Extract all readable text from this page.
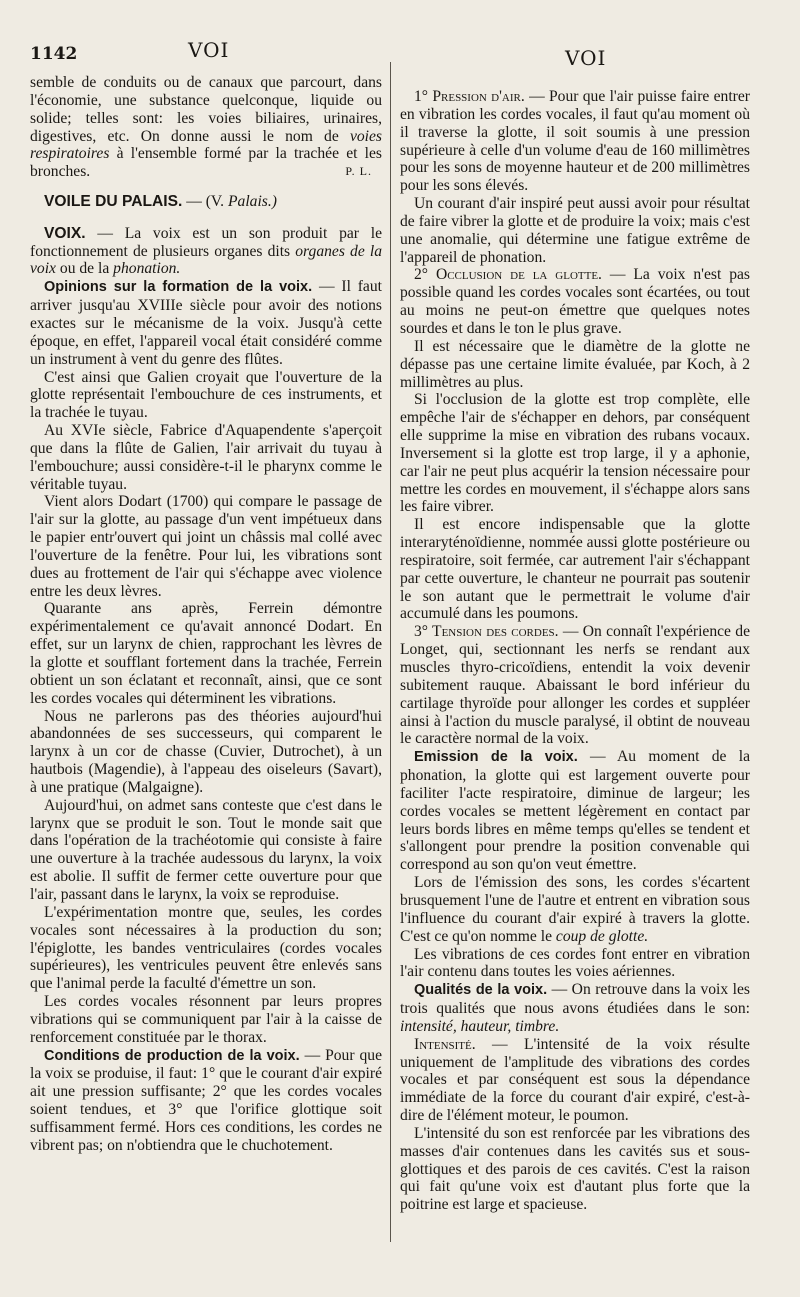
1142	VOI	VOI

semble de conduits ou de canaux que parcourt, dans l'économie, une substance quelconque, liquide ou solide; telles sont: les voies biliaires, urinaires, digestives, etc. On donne aussi le nom de voies respiratoires à l'ensemble formé par la trachée et les bronches.	P. L.

VOILE DU PALAIS. — (V. Palais.)

VOIX. — La voix est un son produit par le fonctionnement de plusieurs organes dits organes de la voix ou de la phonation.

Opinions sur la formation de la voix. — Il faut arriver jusqu'au XVIIIe siècle pour avoir des notions exactes sur le mécanisme de la voix. Jusqu'à cette époque, en effet, l'appareil vocal était considéré comme un instrument à vent du genre des flûtes.

C'est ainsi que Galien croyait que l'ouverture de la glotte représentait l'embouchure de ces instruments, et la trachée le tuyau.

Au XVIe siècle, Fabrice d'Aquapendente s'aperçoit que dans la flûte de Galien, l'air arrivait du tuyau à l'embouchure; aussi considère-t-il le pharynx comme le véritable tuyau.

Vient alors Dodart (1700) qui compare le passage de l'air sur la glotte, au passage d'un vent impétueux dans le papier entr'ouvert qui joint un châssis mal collé avec l'ouverture de la fenêtre. Pour lui, les vibrations sont dues au frottement de l'air qui s'échappe avec violence entre les deux lèvres.

Quarante ans après, Ferrein démontre expérimentalement ce qu'avait annoncé Dodart. En effet, sur un larynx de chien, rapprochant les lèvres de la glotte et soufflant fortement dans la trachée, Ferrein obtient un son éclatant et reconnaît, ainsi, que ce sont les cordes vocales qui déterminent les vibrations.

Nous ne parlerons pas des théories aujourd'hui abandonnées de ses successeurs, qui comparent le larynx à un cor de chasse (Cuvier, Dutrochet), à un hautbois (Magendie), à l'appeau des oiseleurs (Savart), à une pratique (Malgaigne).

Aujourd'hui, on admet sans conteste que c'est dans le larynx que se produit le son. Tout le monde sait que dans l'opération de la trachéotomie qui consiste à faire une ouverture à la trachée audessous du larynx, la voix est abolie. Il suffit de fermer cette ouverture pour que l'air, passant dans le larynx, la voix se reproduise.

L'expérimentation montre que, seules, les cordes vocales sont nécessaires à la production du son; l'épiglotte, les bandes ventriculaires (cordes vocales supérieures), les ventricules peuvent être enlevés sans que l'animal perde la faculté d'émettre un son.

Les cordes vocales résonnent par leurs propres vibrations qui se communiquent par l'air à la caisse de renforcement constituée par le thorax.

Conditions de production de la voix. — Pour que la voix se produise, il faut: 1° que le courant d'air expiré ait une pression suffisante; 2° que les cordes vocales soient tendues, et 3° que l'orifice glottique soit suffisamment fermé. Hors ces conditions, les cordes ne vibrent pas; on n'obtiendra que le chuchotement.

1° Pression d'air. — Pour que l'air puisse faire entrer en vibration les cordes vocales, il faut qu'au moment où il traverse la glotte, il soit soumis à une pression supérieure à celle d'un volume d'eau de 160 millimètres pour les sons de moyenne hauteur et de 200 millimètres pour les sons élevés.

Un courant d'air inspiré peut aussi avoir pour résultat de faire vibrer la glotte et de produire la voix; mais c'est une anomalie, qui détermine une fatigue extrême de l'appareil de phonation.

2° Occlusion de la glotte. — La voix n'est pas possible quand les cordes vocales sont écartées, ou tout au moins ne peut-on émettre que quelques notes sourdes et dans le ton le plus grave.

Il est nécessaire que le diamètre de la glotte ne dépasse pas une certaine limite évaluée, par Koch, à 2 millimètres au plus.

Si l'occlusion de la glotte est trop complète, elle empêche l'air de s'échapper en dehors, par conséquent elle supprime la mise en vibration des rubans vocaux. Inversement si la glotte est trop large, il y a aphonie, car l'air ne peut plus acquérir la tension nécessaire pour mettre les cordes en mouvement, il s'échappe alors sans les faire vibrer.

Il est encore indispensable que la glotte interaryténoïdienne, nommée aussi glotte postérieure ou respiratoire, soit fermée, car autrement l'air s'échappant par cette ouverture, le chanteur ne pourrait pas soutenir le son autant que le permettrait le volume d'air accumulé dans les poumons.

3° Tension des cordes. — On connaît l'expérience de Longet, qui, sectionnant les nerfs se rendant aux muscles thyro-cricoïdiens, entendit la voix devenir subitement rauque. Abaissant le bord inférieur du cartilage thyroïde pour allonger les cordes et suppléer ainsi à l'action du muscle paralysé, il obtint de nouveau le caractère normal de la voix.

Emission de la voix. — Au moment de la phonation, la glotte qui est largement ouverte pour faciliter l'acte respiratoire, diminue de largeur; les cordes vocales se mettent légèrement en contact par leurs bords libres en même temps qu'elles se tendent et s'allongent pour prendre la position convenable qui correspond au son qu'on veut émettre.

Lors de l'émission des sons, les cordes s'écartent brusquement l'une de l'autre et entrent en vibration sous l'influence du courant d'air expiré à travers la glotte. C'est ce qu'on nomme le coup de glotte.

Les vibrations de ces cordes font entrer en vibration l'air contenu dans toutes les voies aériennes.

Qualités de la voix. — On retrouve dans la voix les trois qualités que nous avons étudiées dans le son: intensité, hauteur, timbre.

Intensité. — L'intensité de la voix résulte uniquement de l'amplitude des vibrations des cordes vocales et par conséquent est sous la dépendance immédiate de la force du courant d'air expiré, c'est-à-dire de l'élément moteur, le poumon.

L'intensité du son est renforcée par les vibrations des masses d'air contenues dans les cavités sus et sous-glottiques et des parois de ces cavités. C'est la raison qui fait qu'une voix est d'autant plus forte que la poitrine est large et spacieuse.
